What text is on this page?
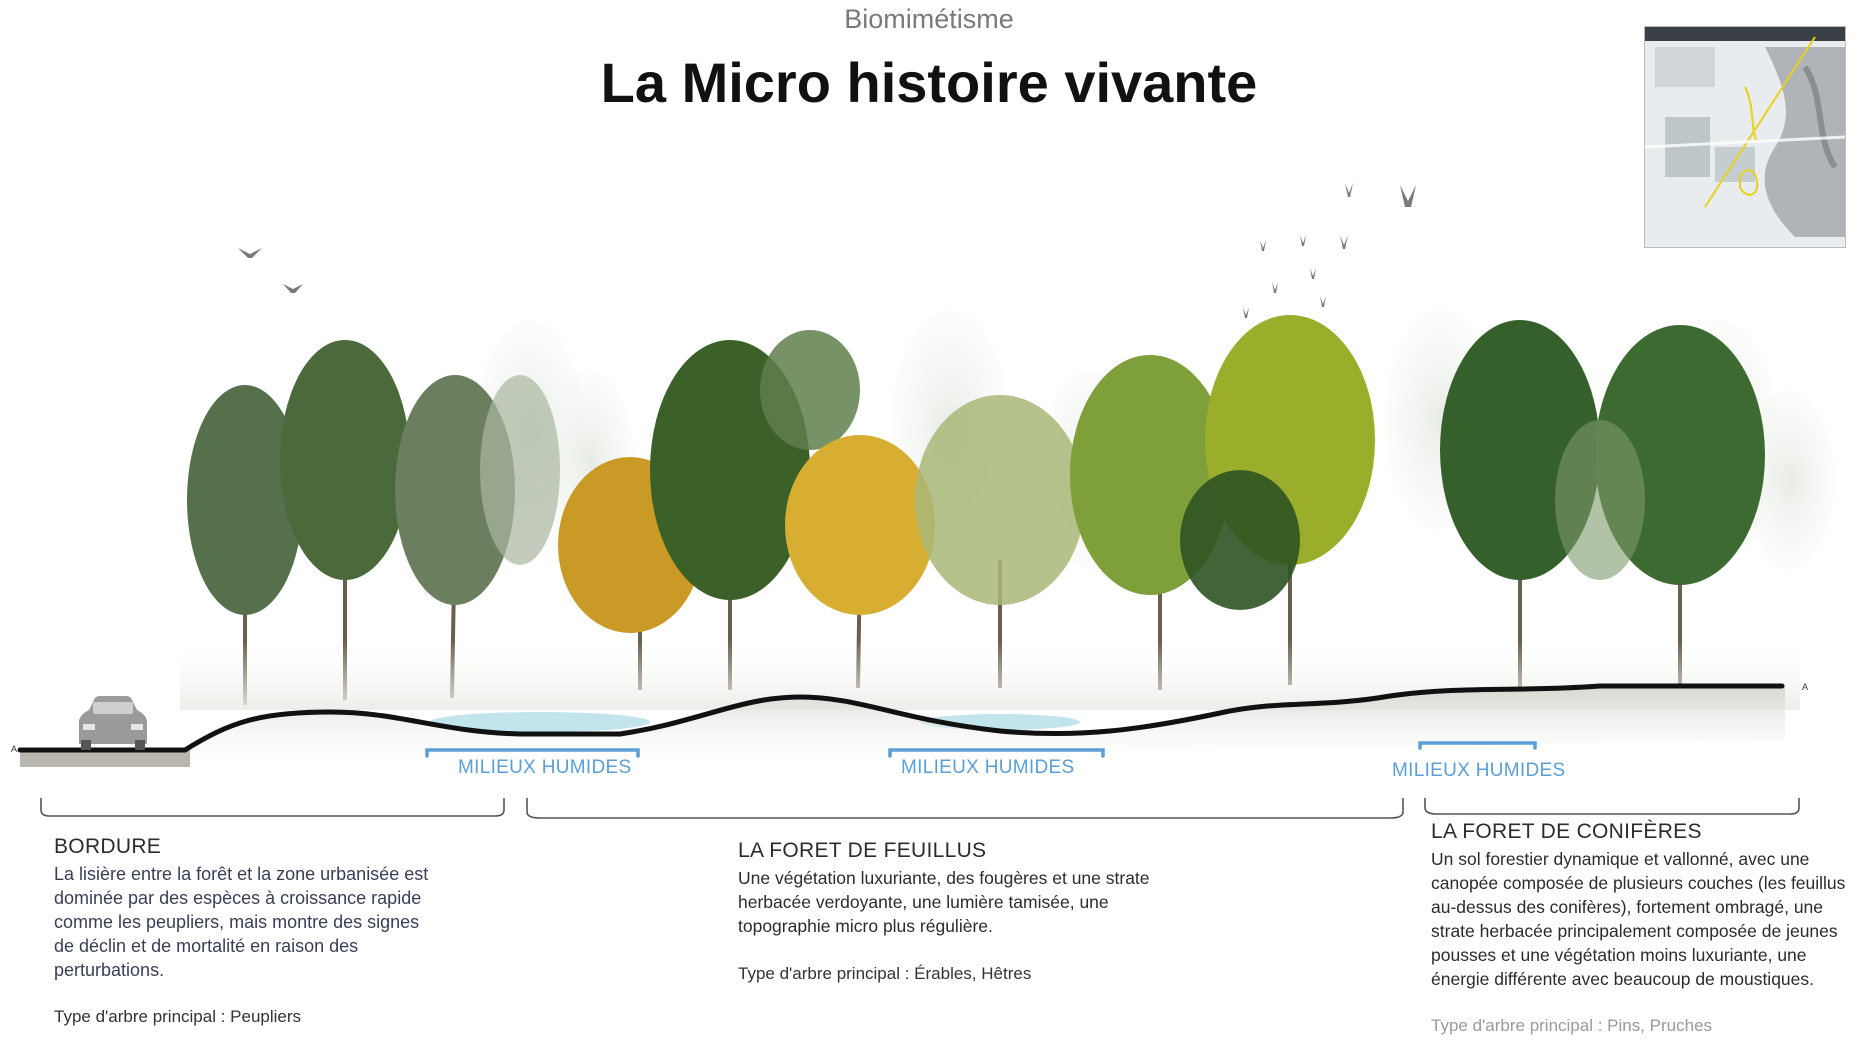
Biomimétisme
La Micro histoire vivante
A
A
MILIEUX HUMIDES	MILIEUX HUMIDES	MILIEUX HUMIDES
BORDURE
La lisière entre la forêt et la zone urbanisée est dominée par des espèces à croissance rapide comme les peupliers, mais montre des signes de déclin et de mortalité en raison des perturbations.
Type d'arbre principal : Peupliers
LA FORET DE FEUILLUS
Une végétation luxuriante, des fougères et une strate herbacée verdoyante, une lumière tamisée, une topographie micro plus régulière.
Type d'arbre principal : Érables, Hêtres
LA FORET DE CONIFÈRES
Un sol forestier dynamique et vallonné, avec une canopée composée de plusieurs couches (les feuillus au-dessus des conifères), fortement ombragé, une strate herbacée principalement composée de jeunes pousses et une végétation moins luxuriante, une énergie différente avec beaucoup de moustiques.
Type d'arbre principal : Pins, Pruches
